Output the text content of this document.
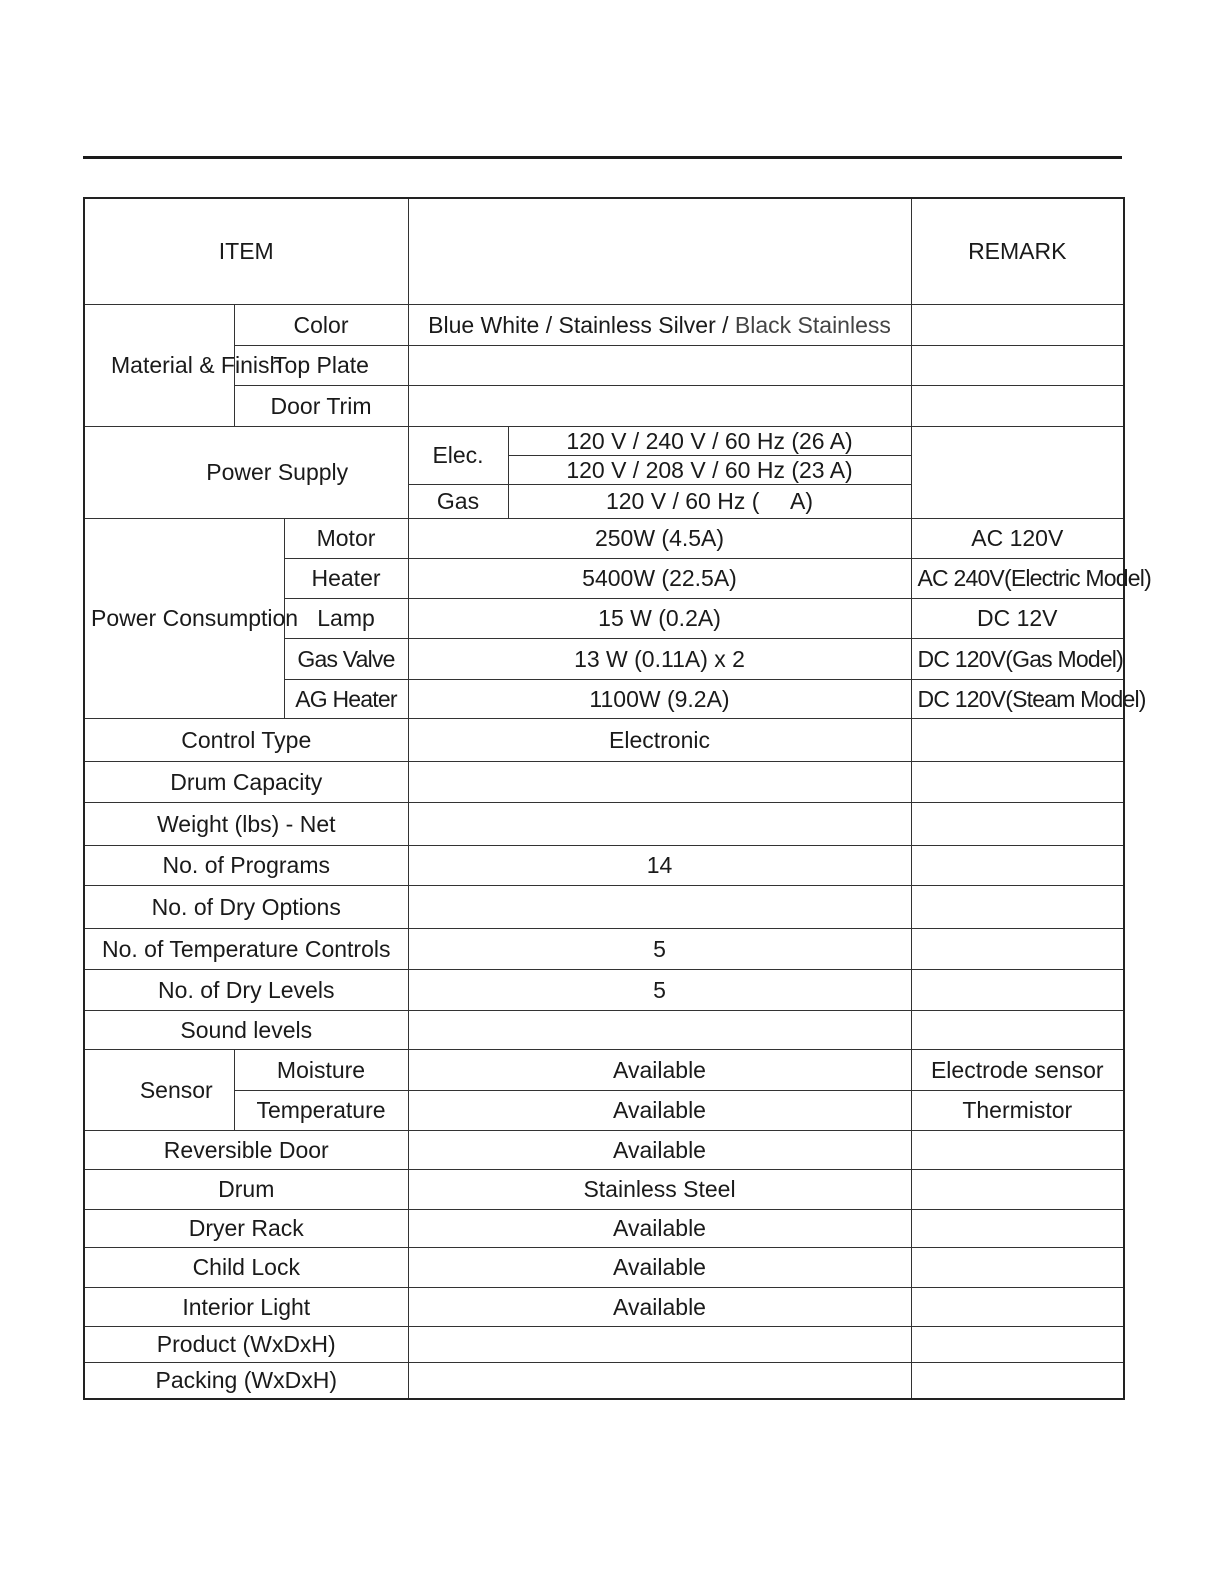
ITEM					REMARK
Material & Finish	Color		Blue White / Stainless Silver / Black Stainless		
	Top Plate				
	Door Trim				

Power Supply			Elec.	120 V / 240 V / 60 Hz (26 A)	
				120 V / 208 V / 60 Hz (23 A)	
			Gas	120 V / 60 Hz (     A)	
Power Consumption		Motor	250W (4.5A)		AC 120V
		Heater	5400W (22.5A)		AC 240V(Electric Model)
		Lamp	15 W (0.2A)		DC 12V
		Gas Valve	13 W (0.11A) x 2		DC 120V(Gas Model)
		AG Heater	1100W (9.2A)		DC 120V(Steam Model)
Control Type			Electronic		
Drum Capacity					
Weight (lbs) - Net					
No. of Programs			14		
No. of Dry Options					
No. of Temperature Controls			5		
No. of Dry Levels			5		
Sound levels					
Sensor	Moisture		Available		Electrode sensor
	Temperature		Available		Thermistor
Reversible Door			Available		
Drum			Stainless Steel		
Dryer Rack			Available		
Child Lock			Available		
Interior Light			Available		
Product (WxDxH)					
Packing (WxDxH)					
